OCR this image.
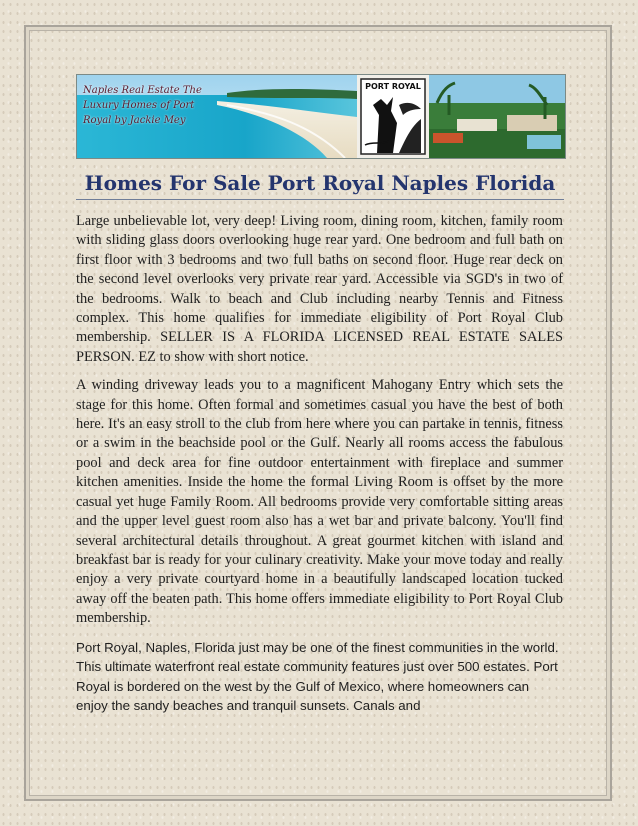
PORT ROYAL
Naples Real Estate The Luxury Homes of Port Royal by Jackie Mey
Homes For Sale Port Royal Naples Florida

Large unbelievable lot, very deep! Living room, dining room, kitchen, family room with sliding glass doors overlooking huge rear yard. One bedroom and full bath on first floor with 3 bedrooms and two full baths on second floor. Huge rear deck on the second level overlooks very private rear yard. Accessible via SGD's in two of the bedrooms. Walk to beach and Club including nearby Tennis and Fitness complex. This home qualifies for immediate eligibility of Port Royal Club membership. SELLER IS A FLORIDA LICENSED REAL ESTATE SALES PERSON. EZ to show with short notice.

A winding driveway leads you to a magnificent Mahogany Entry which sets the stage for this home. Often formal and sometimes casual you have the best of both here. It's an easy stroll to the club from here where you can partake in tennis, fitness or a swim in the beachside pool or the Gulf. Nearly all rooms access the fabulous pool and deck area for fine outdoor entertainment with fireplace and summer kitchen amenities. Inside the home the formal Living Room is offset by the more casual yet huge Family Room. All bedrooms provide very comfortable sitting areas and the upper level guest room also has a wet bar and private balcony. You'll find several architectural details throughout. A great gourmet kitchen with island and breakfast bar is ready for your culinary creativity. Make your move today and really enjoy a very private courtyard home in a beautifully landscaped location tucked away off the beaten path. This home offers immediate eligibility to Port Royal Club membership.

Port Royal, Naples, Florida just may be one of the finest communities in the world. This ultimate waterfront real estate community features just over 500 estates. Port Royal is bordered on the west by the Gulf of Mexico, where homeowners can enjoy the sandy beaches and tranquil sunsets. Canals and
